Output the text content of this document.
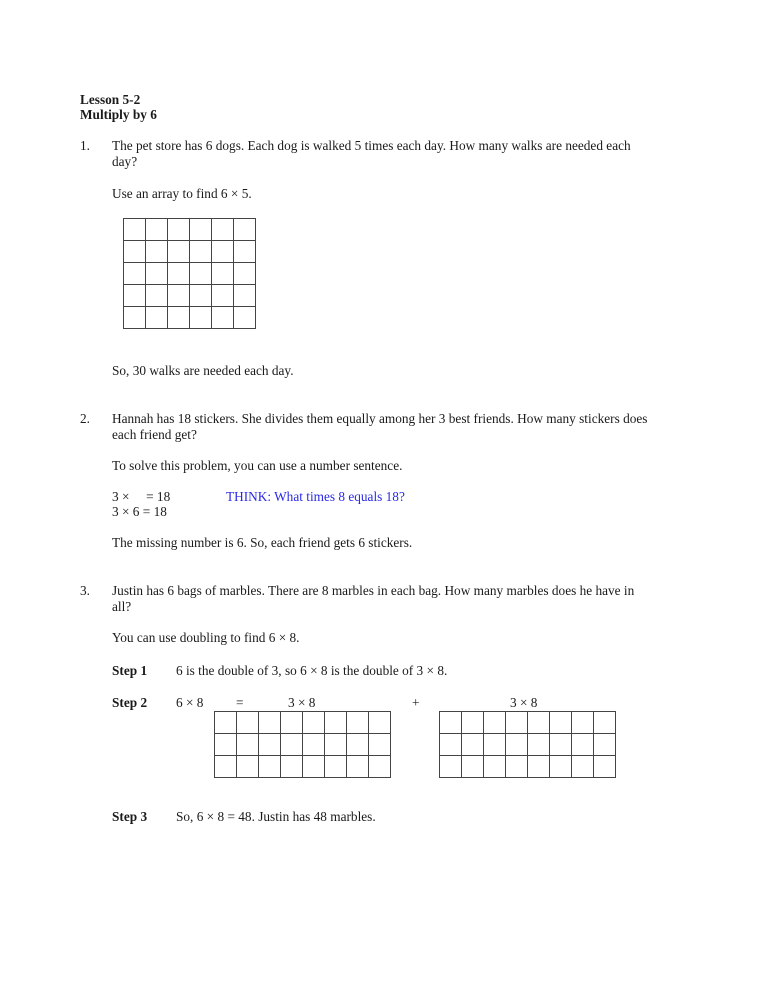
Lesson 5-2
Multiply by 6
1. The pet store has 6 dogs. Each dog is walked 5 times each day. How many walks are needed each
day?
Use an array to find 6 × 5.

So, 30 walks are needed each day.
2. Hannah has 18 stickers. She divides them equally among her 3 best friends. How many stickers does
each friend get?
To solve this problem, you can use a number sentence.
3 ×     = 18
3 × 6 = 18
THINK: What times 8 equals 18?
The missing number is 6. So, each friend gets 6 stickers.
3. Justin has 6 bags of marbles. There are 8 marbles in each bag. How many marbles does he have in
all?
You can use doubling to find 6 × 8.
Step 1 6 is the double of 3, so 6 × 8 is the double of 3 × 8.
Step 2 6 × 8 =	3 × 8	+	3 × 8

Step 3 So, 6 × 8 = 48. Justin has 48 marbles.
